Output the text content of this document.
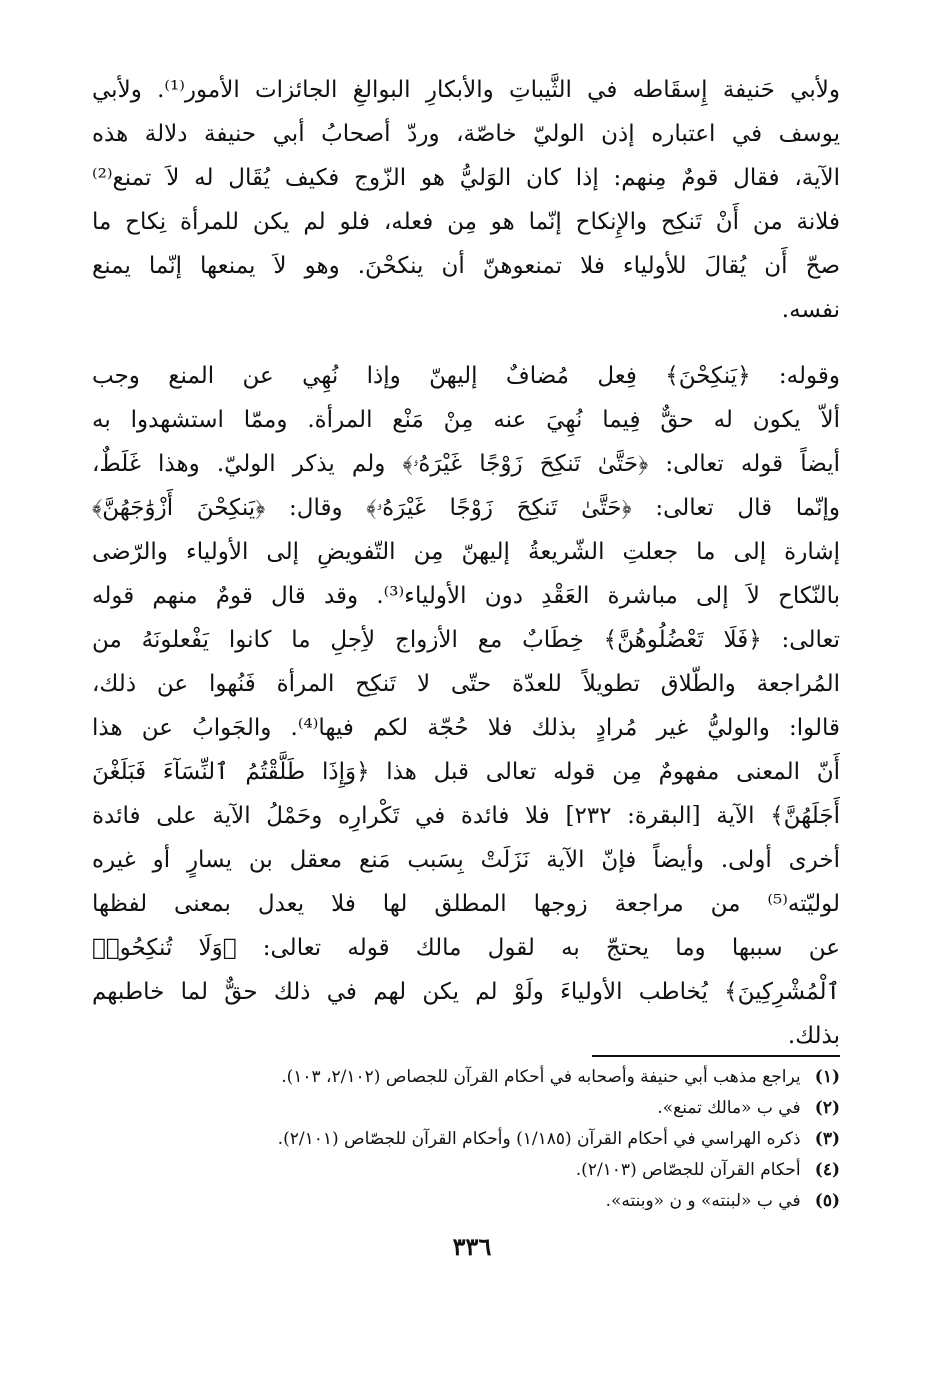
ولأبي حَنيفة إِسقَاطه في الثَّيباتِ والأبكارِ البوالغِ الجائزات الأمور⁽¹⁾. ولأبي
يوسف في اعتباره إذن الوليّ خاصّة، وردّ أصحابُ أبي حنيفة دلالة هذه
الآية، فقال قومٌ مِنهم: إذا كان الوَليُّ هو الزّوج فكيف يُقَال له لاَ تمنع⁽²⁾
فلانة من أَنْ تَنكِح والإِنكاح إنّما هو مِن فعله، فلو لم يكن للمرأة نِكاح ما
صحّ أَن يُقالَ للأولياء فلا تمنعوهنّ أن ينكحْنَ. وهو لاَ يمنعها إنّما يمنع
نفسه.
وقوله: ﴿يَنكِحْنَ﴾ فِعل مُضافٌ إليهنّ وإذا نُهِي عن المنع وجب
ألاّ يكون له حقٌّ فِيما نُهِيَ عنه مِنْ مَنْع المرأة. وممّا استشهدوا به
أيضاً قوله تعالى: ﴿حَتَّىٰ تَنكِحَ زَوْجًا غَيْرَهُۥ﴾ ولم يذكر الوليّ. وهذا غَلَطٌ،
وإنّما قال تعالى: ﴿حَتَّىٰ تَنكِحَ زَوْجًا غَيْرَهُۥ﴾ وقال: ﴿يَنكِحْنَ أَزْوَٰجَهُنَّ﴾
إشارة إلى ما جعلتِ الشّريعةُ إليهنّ مِن التّفويضِ إلى الأولياء والرّضى
بالنّكاح لاَ إلى مباشرة العَقْدِ دون الأولياء⁽³⁾. وقد قال قومٌ منهم قوله
تعالى: ﴿فَلَا تَعْضُلُوهُنَّ﴾ خِطَابٌ مع الأزواج لأِجلِ ما كانوا يَفْعلونَهُ من
المُراجعة والطّلاق تطويلاً للعدّة حتّى لا تَنكِح المرأة فَنُهوا عن ذلك،
قالوا: والوليُّ غير مُرادٍ بذلك فلا حُجّة لكم فيها⁽⁴⁾. والجَوابُ عن هذا
أَنّ المعنى مفهومٌ مِن قوله تعالى قبل هذا ﴿وَإِذَا طَلَّقْتُمُ ٱلنِّسَآءَ فَبَلَغْنَ
أَجَلَهُنَّ﴾ الآية [البقرة: ٢٣٢] فلا فائدة في تَكْرارِه وحَمْلُ الآية على فائدة
أخرى أولى. وأيضاً فإنّ الآية نَزَلَتْ بِسَبب مَنع معقل بن يسارٍ أو غيره
لوليّته⁽⁵⁾ من مراجعة زوجها المطلق لها فلا يعدل بمعنى لفظها
عن سببها وما يحتجّ به لقول مالك قوله تعالى: ﴿وَلَا تُنكِحُوا۟
ٱلْمُشْرِكِينَ﴾ يُخاطب الأولياءَ ولَوْ لم يكن لهم في ذلك حقٌّ لما خاطبهم
بذلك.
(١) يراجع مذهب أبي حنيفة وأصحابه في أحكام القرآن للجصاص (٢/١٠٢، ١٠٣).
(٢) في ب «مالك تمنع».
(٣) ذكره الهراسي في أحكام القرآن (١/١٨٥) وأحكام القرآن للجصّاص (٢/١٠١).
(٤) أحكام القرآن للجصّاص (٢/١٠٣).
(٥) في ب «لبنته» و ن «وبنته».
٣٣٦
